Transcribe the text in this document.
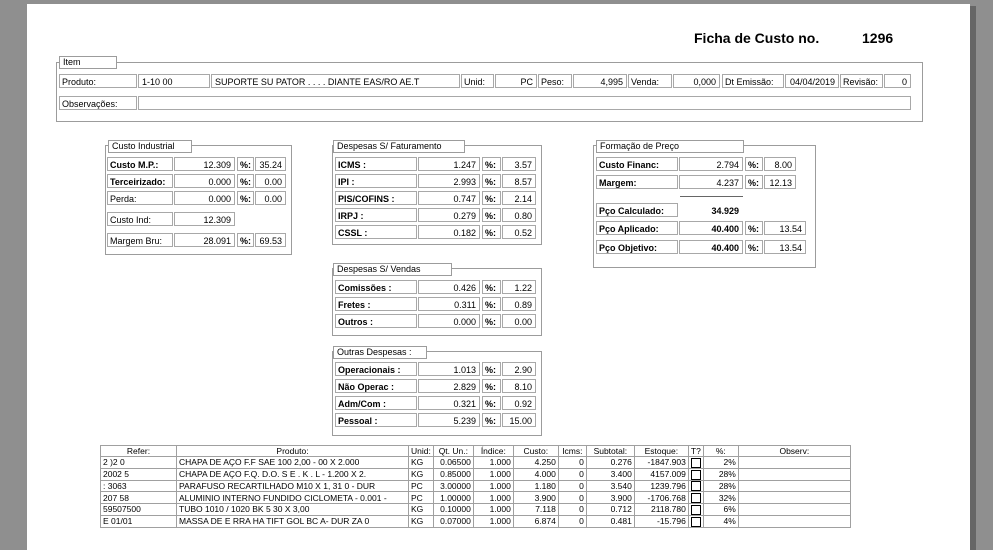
Ficha de Custo no.	1296
Item
Produto:	1-10 00	SUPORTE SU PATOR . . . . DIANTE EAS/RO AE.T	Unid:	PC Peso:	4,995 Venda:	0,000	Dt Emissão:	04/04/2019 Revisão:	0
Observações:
Custo Industrial
Custo M.P.:	12.309	%: 35.24
Terceirizado:	0.000	%:	0.00
Perda:	0.000	%:	0.00
Custo Ind:	12.309
Margem Bru:	28.091	%: 69.53
Despesas S/ Faturamento
ICMS :	1.247	%:	3.57
IPI :	2.993	%:	8.57
PIS/COFINS :	0.747	%:	2.14
IRPJ :	0.279	%:	0.80
CSSL :	0.182	%:	0.52
Despesas S/ Vendas
Comissões :	0.426	%:	1.22
Fretes :	0.311	%:	0.89
Outros :	0.000	%:	0.00
Outras Despesas :
Operacionais :	1.013	%:	2.90
Não Operac :	2.829	%:	8.10
Adm/Com :	0.321	%:	0.92
Pessoal :	5.239	%:	15.00
Formação de Preço
Custo Financ:	2.794	%:	8.00
Margem:	4.237	%:	12.13
Pço Calculado:	34.929
Pço Aplicado:	40.400	%:	13.54
Pço Objetivo:	40.400	%:	13.54
Refer:	Produto:	Unid:	Qt. Un.:	Índice:	Custo:	Icms:	Subtotal:	Estoque:	T?	%:	Observ:
2 )2 0	CHAPA DE AÇO F.F SAE 100 2,00 - 00 X 2.000	KG	0.06500	1.000	4.250	0	0.276	-1847.903		2%	
2002 5	CHAPA DE AÇO F.Q. D.O. S E . K . L - 1.200 X 2.	KG	0.85000	1.000	4.000	0	3.400	4157.009		28%	
: 3063	PARAFUSO RECARTILHADO M10 X 1, 31 0 - DUR	PC	3.00000	1.000	1.180	0	3.540	1239.796		28%	
207 58	ALUMINIO INTERNO FUNDIDO CICLOMETA - 0.001 -	PC	1.00000	1.000	3.900	0	3.900	-1706.768		32%	
59507500	TUBO 1010 / 1020 BK 5 30 X 3,00	KG	0.10000	1.000	7.118	0	0.712	2118.780		6%	
E 01/01	MASSA DE E RRA HA TIFT GOL BC A- DUR ZA 0	KG	0.07000	1.000	6.874	0	0.481	-15.796		4%	
